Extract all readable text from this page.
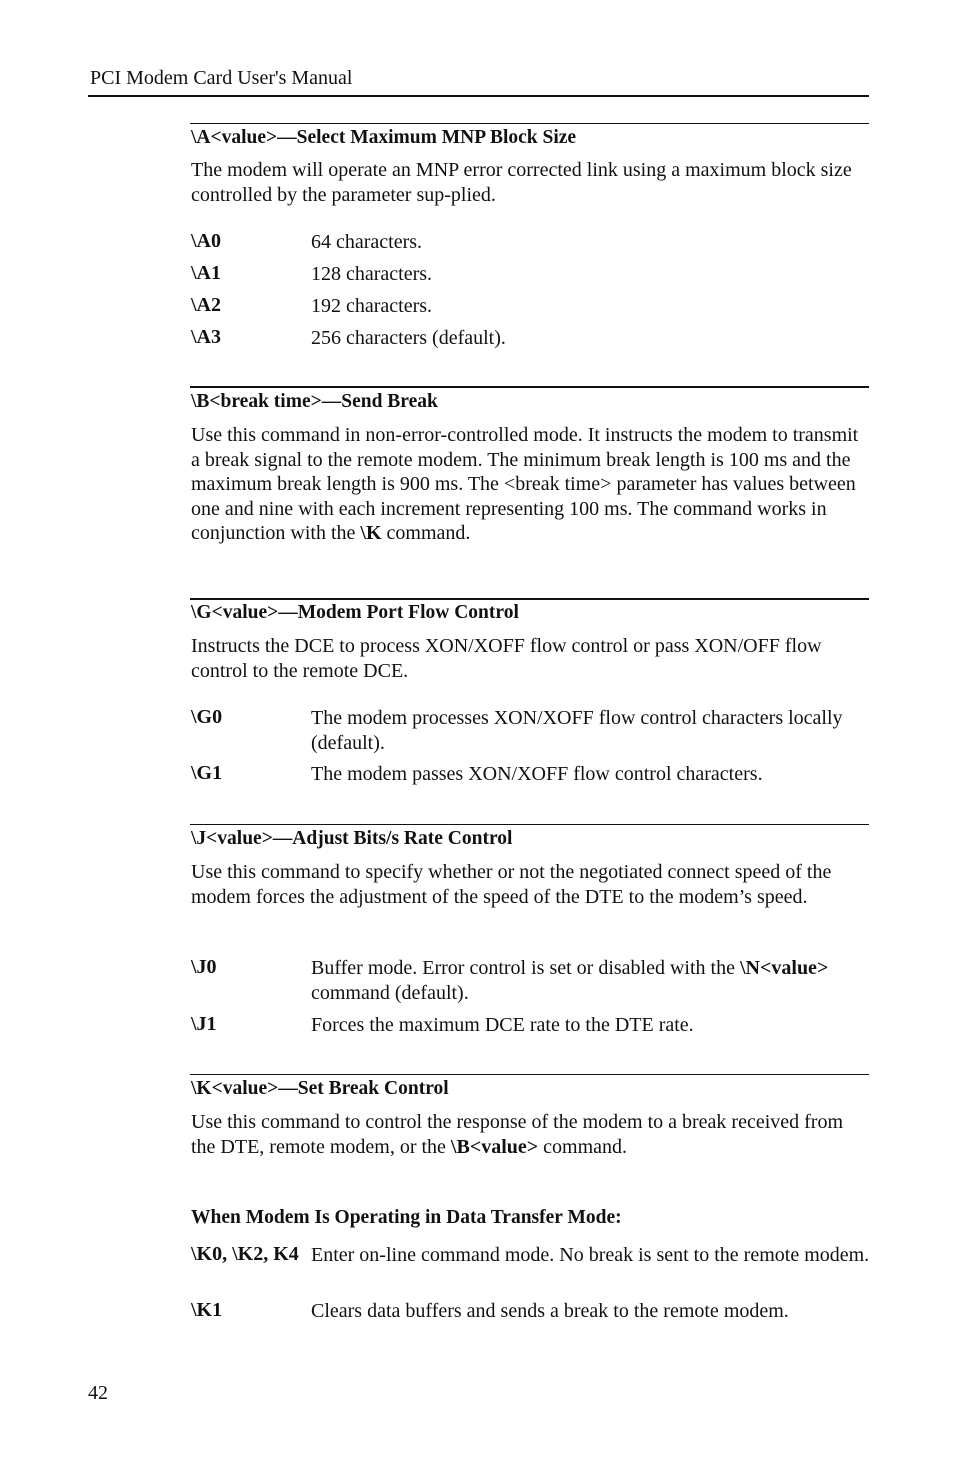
PCI Modem Card User's Manual
\A<value>—Select Maximum MNP Block Size
The modem will operate an MNP error corrected link using a maximum block size controlled by the parameter sup-plied.
\A0	64 characters.
\A1	128 characters.
\A2	192 characters.
\A3	256 characters (default).
\B<break time>—Send Break
Use this command in non-error-controlled mode. It instructs the modem to transmit a break signal to the remote modem. The minimum break length is 100 ms and the maximum break length is 900 ms. The <break time> parameter has values between one and nine with each increment representing 100 ms. The command works in conjunction with the \K command.
\G<value>—Modem Port Flow Control
Instructs the DCE to process XON/XOFF flow control or pass XON/OFF flow control to the remote DCE.
\G0	The modem processes XON/XOFF flow control characters locally (default).
\G1	The modem passes XON/XOFF flow control characters.
\J<value>—Adjust Bits/s Rate Control
Use this command to specify whether or not the negotiated connect speed of the modem forces the adjustment of the speed of the DTE to the modem’s speed.
\J0	Buffer mode. Error control is set or disabled with the \N<value> command (default).
\J1	Forces the maximum DCE rate to the DTE rate.
\K<value>—Set Break Control
Use this command to control the response of the modem to a break received from the DTE, remote modem, or the \B<value> command.
When Modem Is Operating in Data Transfer Mode:
\K0, \K2, K4 Enter on-line command mode. No break is sent to the remote modem.
\K1	Clears data buffers and sends a break to the remote modem.
42
